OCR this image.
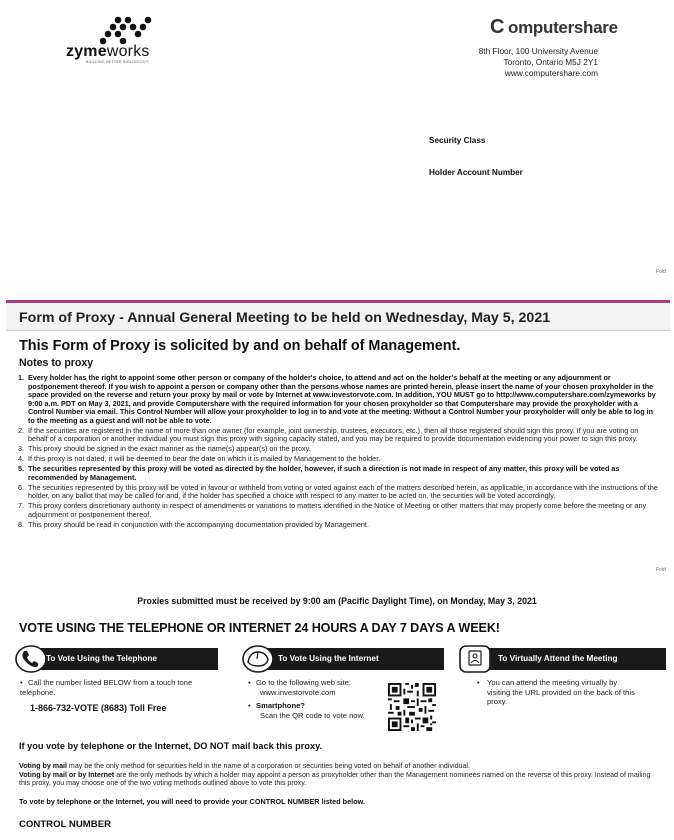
zymeworks
BUILDING BETTER BIOLOGICS™
C omputershare
8th Floor, 100 University Avenue
Toronto, Ontario M5J 2Y1
www.computershare.com
Security Class
Holder Account Number
Fold
Fold
Form of Proxy - Annual General Meeting to be held on Wednesday, May 5, 2021
This Form of Proxy is solicited by and on behalf of Management.
Notes to proxy
1. Every holder has the right to appoint some other person or company of the holder's choice, to attend and act on the holder's behalf at the meeting or any adjournment or postponement thereof. If you wish to appoint a person or company other than the persons whose names are printed herein, please insert the name of your chosen proxyholder in the space provided on the reverse and return your proxy by mail or vote by Internet at www.investorvote.com. In addition, YOU MUST go to http://www.computershare.com/zymeworks by 9:00 a.m. PDT on May 3, 2021, and provide Computershare with the required information for your chosen proxyholder so that Computershare may provide the proxyholder with a Control Number via email. This Control Number will allow your proxyholder to log in to and vote at the meeting. Without a Control Number your proxyholder will only be able to log in to the meeting as a guest and will not be able to vote.
2. If the securities are registered in the name of more than one owner (for example, joint ownership, trustees, executors, etc.), then all those registered should sign this proxy. If you are voting on behalf of a corporation or another individual you must sign this proxy with signing capacity stated, and you may be required to provide documentation evidencing your power to sign this proxy.
3. This proxy should be signed in the exact manner as the name(s) appear(s) on the proxy.
4. If this proxy is not dated, it will be deemed to bear the date on which it is mailed by Management to the holder.
5. The securities represented by this proxy will be voted as directed by the holder, however, if such a direction is not made in respect of any matter, this proxy will be voted as recommended by Management.
6. The securities represented by this proxy will be voted in favour or withheld from voting or voted against each of the matters described herein, as applicable, in accordance with the instructions of the holder, on any ballot that may be called for and, if the holder has specified a choice with respect to any matter to be acted on, the securities will be voted accordingly.
7. This proxy confers discretionary authority in respect of amendments or variations to matters identified in the Notice of Meeting or other matters that may properly come before the meeting or any adjournment or postponement thereof.
8. This proxy should be read in conjunction with the accompanying documentation provided by Management.
Proxies submitted must be received by 9:00 am (Pacific Daylight Time), on Monday, May 3, 2021
VOTE USING THE TELEPHONE OR INTERNET 24 HOURS A DAY 7 DAYS A WEEK!
To Vote Using the Telephone
• Call the number listed BELOW from a touch tone telephone.
1-866-732-VOTE (8683) Toll Free
To Vote Using the Internet
• Go to the following web site:
www.investorvote.com
• Smartphone?
Scan the QR code to vote now.
To Virtually Attend the Meeting
• You can attend the meeting virtually by visiting the URL provided on the back of this proxy.
If you vote by telephone or the Internet, DO NOT mail back this proxy.
Voting by mail may be the only method for securities held in the name of a corporation or securities being voted on behalf of another individual.
Voting by mail or by Internet are the only methods by which a holder may appoint a person as proxyholder other than the Management nominees named on the reverse of this proxy. Instead of mailing this proxy, you may choose one of the two voting methods outlined above to vote this proxy.
To vote by telephone or the Internet, you will need to provide your CONTROL NUMBER listed below.
CONTROL NUMBER
